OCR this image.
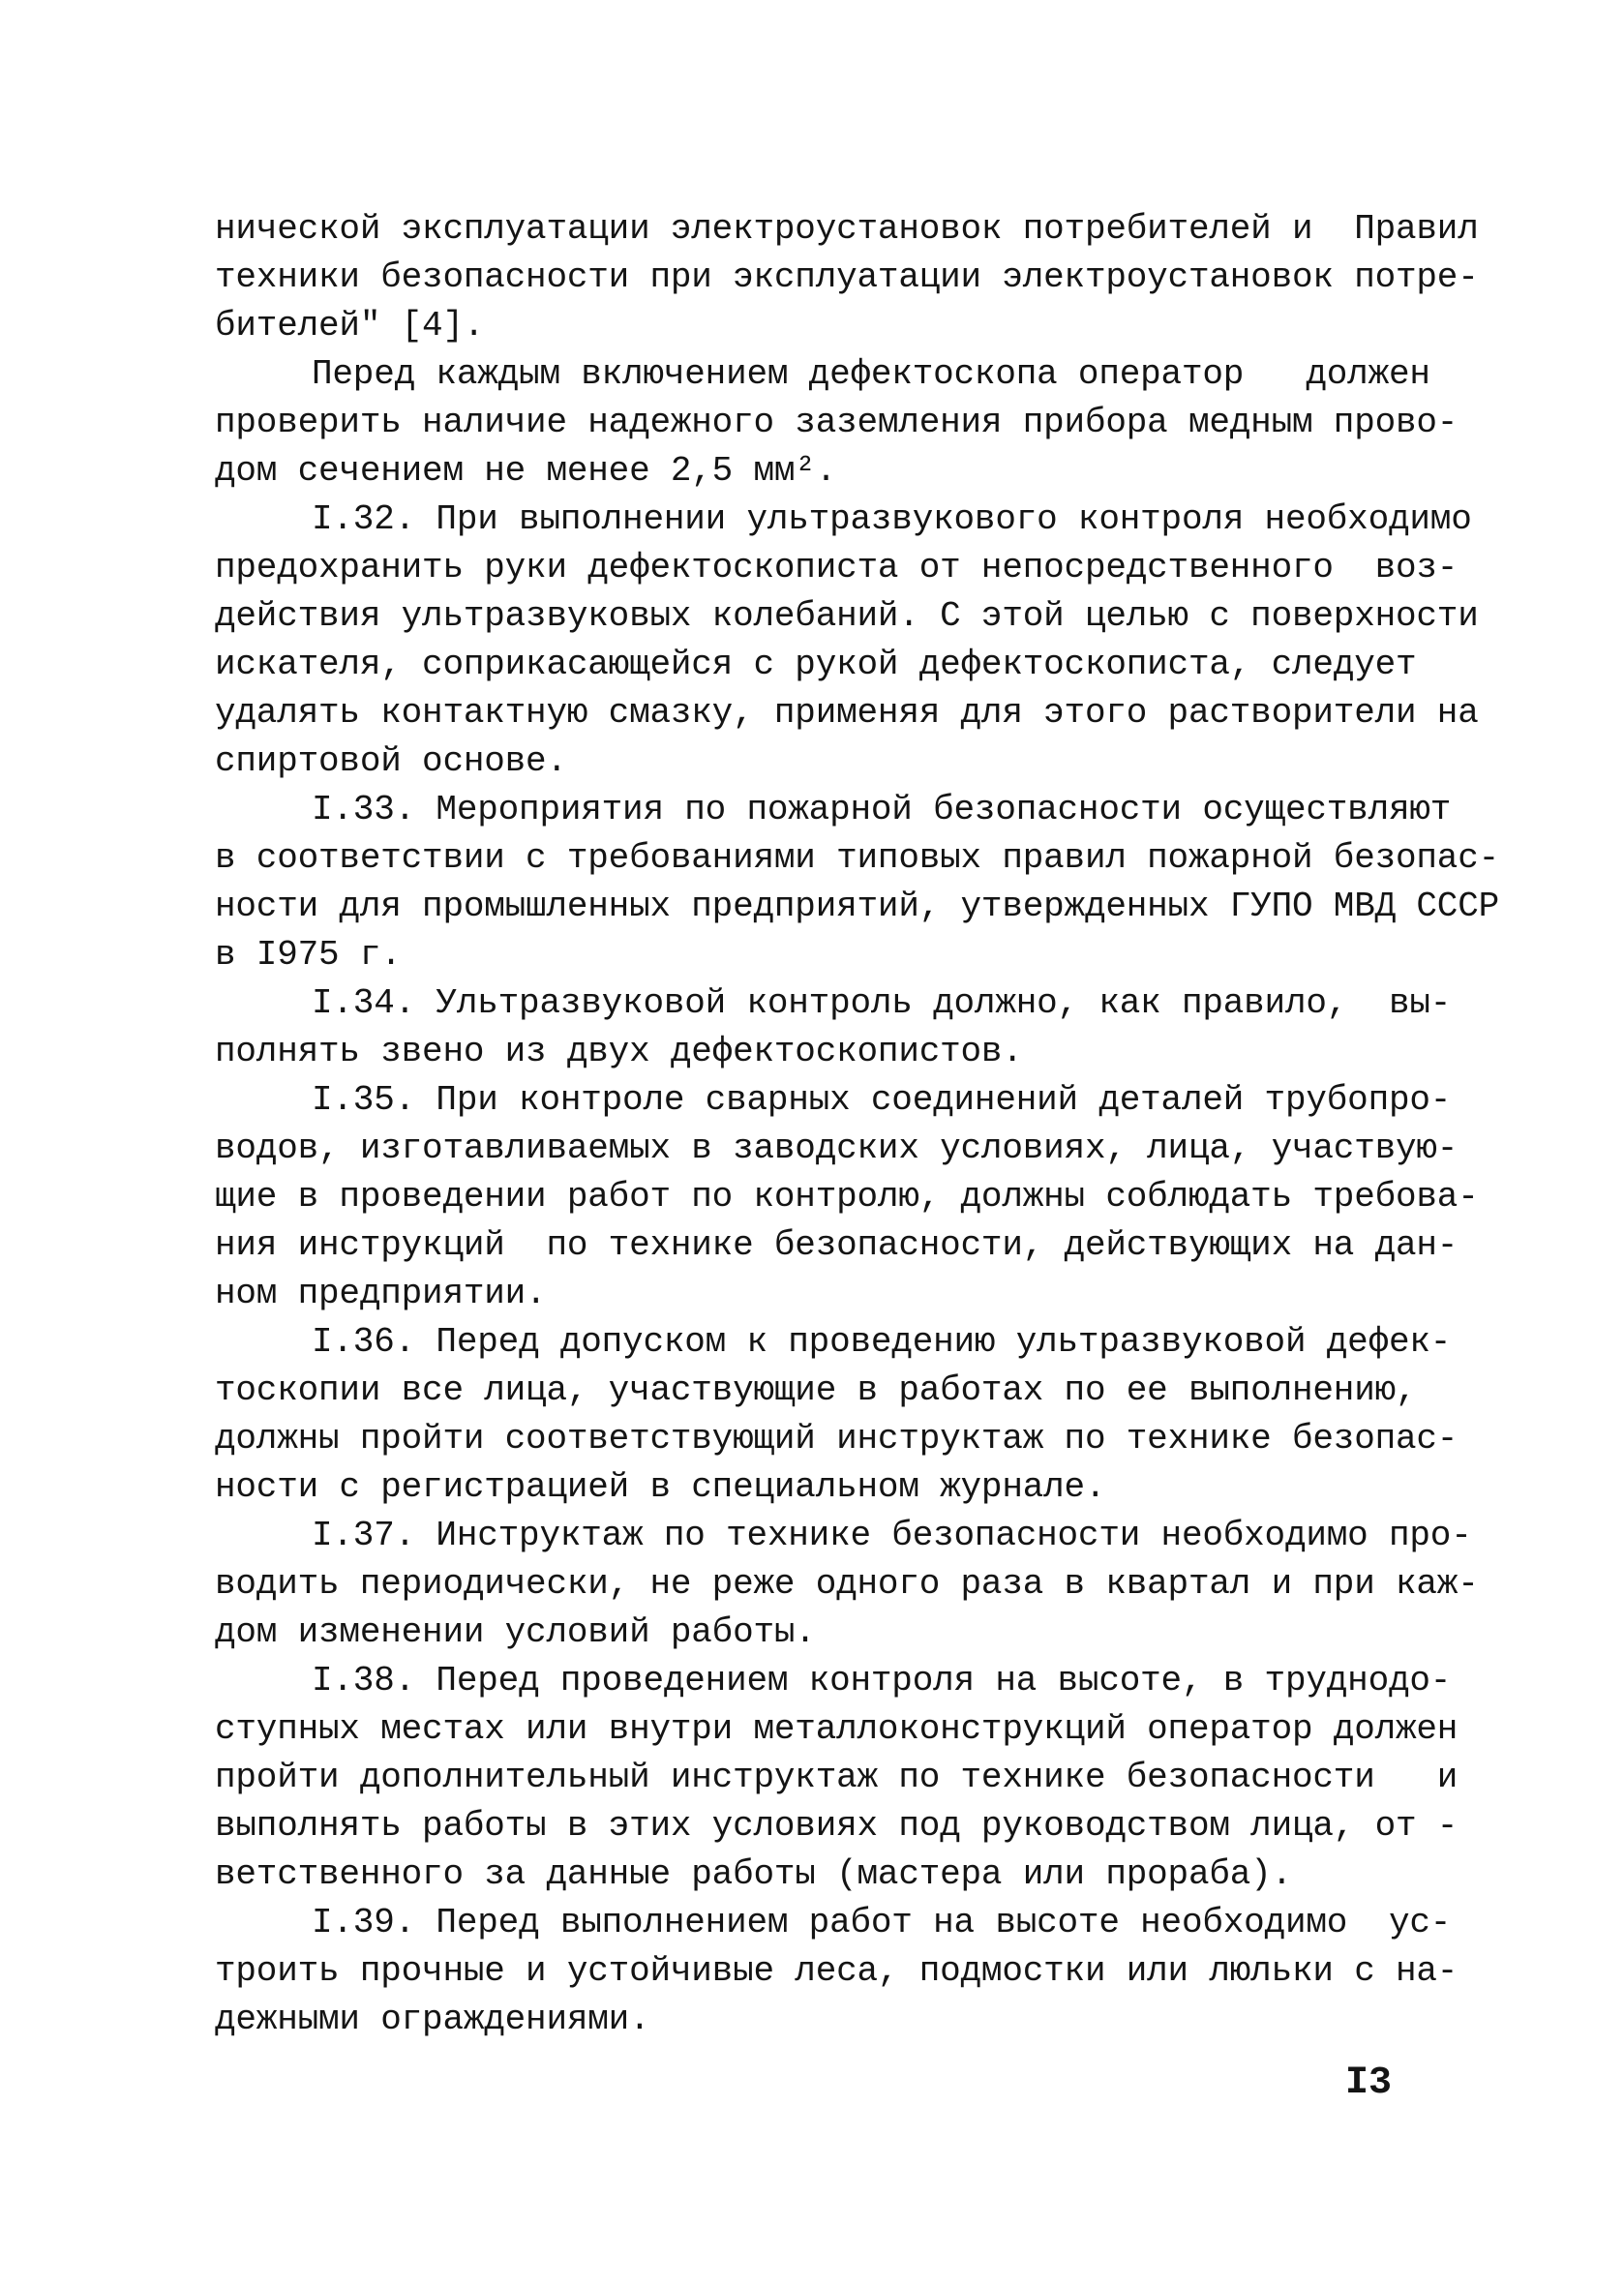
нической эксплуатации электроустановок потребителей и  Правил
техники безопасности при эксплуатации электроустановок потре-
бителей" [4].
Перед каждым включением дефектоскопа оператор   должен
проверить наличие надежного заземления прибора медным прово-
дом сечением не менее 2,5 мм².
I.32. При выполнении ультразвукового контроля необходимо
предохранить руки дефектоскописта от непосредственного  воз-
действия ультразвуковых колебаний. С этой целью с поверхности
искателя, соприкасающейся с рукой дефектоскописта, следует
удалять контактную смазку, применяя для этого растворители на
спиртовой основе.
I.33. Мероприятия по пожарной безопасности осуществляют
в соответствии с требованиями типовых правил пожарной безопас-
ности для промышленных предприятий, утвержденных ГУПО МВД СССР
в I975 г.
I.34. Ультразвуковой контроль должно, как правило,  вы-
полнять звено из двух дефектоскопистов.
I.35. При контроле сварных соединений деталей трубопро-
водов, изготавливаемых в заводских условиях, лица, участвую-
щие в проведении работ по контролю, должны соблюдать требова-
ния инструкций  по технике безопасности, действующих на дан-
ном предприятии.
I.36. Перед допуском к проведению ультразвуковой дефек-
тоскопии все лица, участвующие в работах по ее выполнению,
должны пройти соответствующий инструктаж по технике безопас-
ности с регистрацией в специальном журнале.
I.37. Инструктаж по технике безопасности необходимо про-
водить периодически, не реже одного раза в квартал и при каж-
дом изменении условий работы.
I.38. Перед проведением контроля на высоте, в труднодо-
ступных местах или внутри металлоконструкций оператор должен
пройти дополнительный инструктаж по технике безопасности   и
выполнять работы в этих условиях под руководством лица, от -
ветственного за данные работы (мастера или прораба).
I.39. Перед выполнением работ на высоте необходимо  ус-
троить прочные и устойчивые леса, подмостки или люльки с на-
дежными ограждениями.
I3
